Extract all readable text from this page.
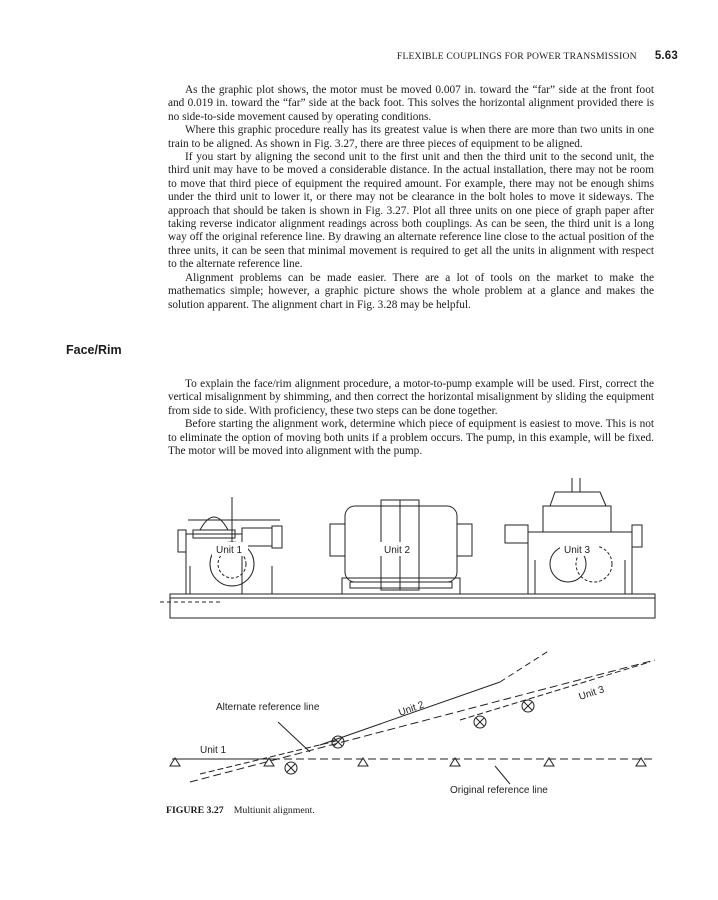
FLEXIBLE COUPLINGS FOR POWER TRANSMISSION 5.63

As the graphic plot shows, the motor must be moved 0.007 in. toward the “far” side at the front foot and 0.019 in. toward the “far” side at the back foot. This solves the horizontal alignment provided there is no side-to-side movement caused by operating conditions.

Where this graphic procedure really has its greatest value is when there are more than two units in one train to be aligned. As shown in Fig. 3.27, there are three pieces of equipment to be aligned.

If you start by aligning the second unit to the first unit and then the third unit to the second unit, the third unit may have to be moved a considerable distance. In the actual installation, there may not be room to move that third piece of equipment the required amount. For example, there may not be enough shims under the third unit to lower it, or there may not be clearance in the bolt holes to move it sideways. The approach that should be taken is shown in Fig. 3.27. Plot all three units on one piece of graph paper after taking reverse indicator alignment readings across both couplings. As can be seen, the third unit is a long way off the original reference line. By drawing an alternate reference line close to the actual position of the three units, it can be seen that minimal movement is required to get all the units in alignment with respect to the alternate reference line.

Alignment problems can be made easier. There are a lot of tools on the market to make the mathematics simple; however, a graphic picture shows the whole problem at a glance and makes the solution apparent. The alignment chart in Fig. 3.28 may be helpful.

Face/Rim

To explain the face/rim alignment procedure, a motor-to-pump example will be used. First, correct the vertical misalignment by shimming, and then correct the horizontal misalignment by sliding the equipment from side to side. With proficiency, these two steps can be done together.

Before starting the alignment work, determine which piece of equipment is easiest to move. This is not to eliminate the option of moving both units if a problem occurs. The pump, in this example, will be fixed. The motor will be moved into alignment with the pump.

Unit 1	Unit 2	Unit 3
Alternate reference line
Original reference line
Unit 1
Unit 2
Unit 3
FIGURE 3.27 Multiunit alignment.
